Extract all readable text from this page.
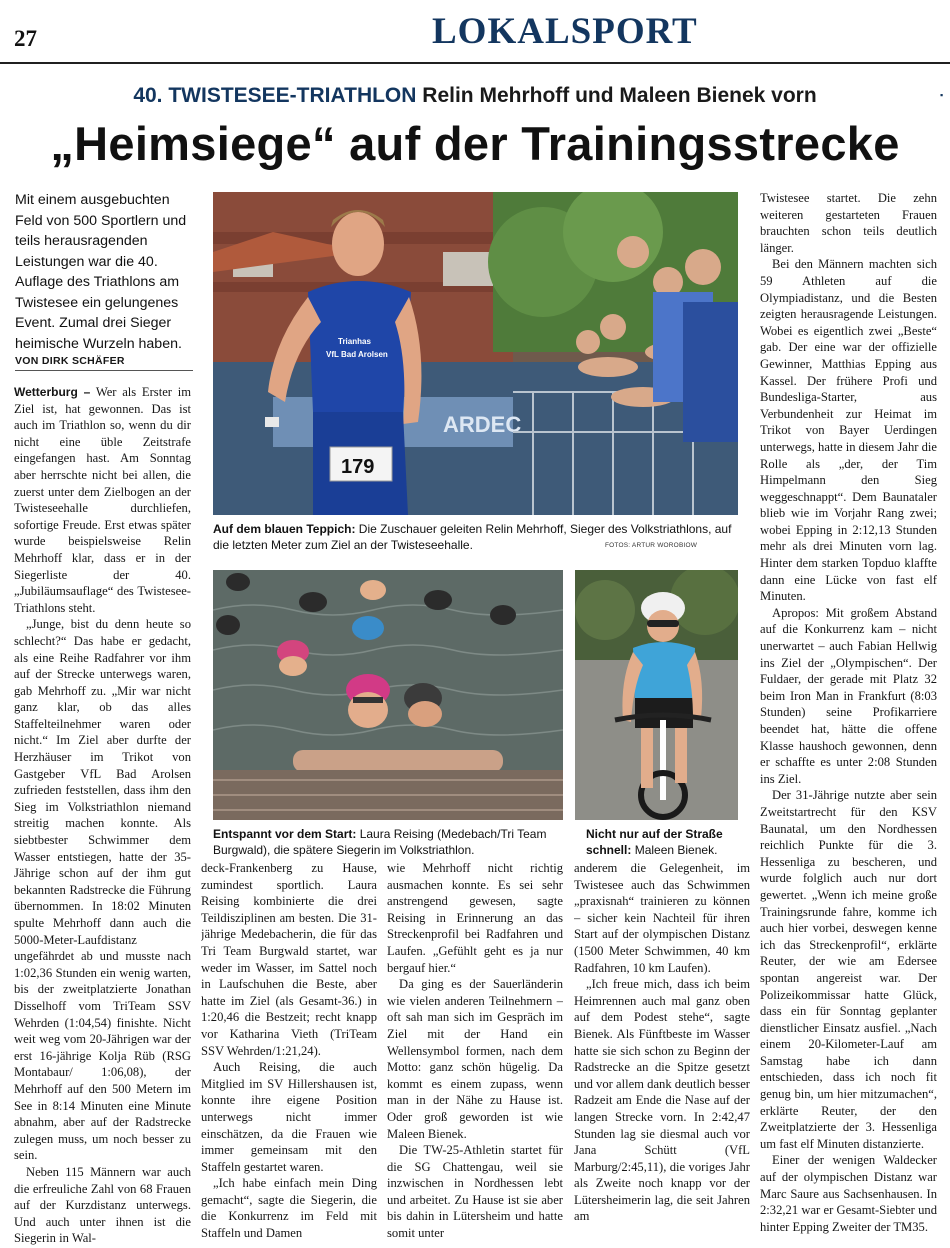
27	LOKALSPORT
▪
40. TWISTESEE-TRIATHLON Relin Mehrhoff und Maleen Bienek vorn
„Heimsiege“ auf der Trainingsstrecke
Mit einem ausgebuchten Feld von 500 Sportlern und teils herausragenden Leistungen war die 40. Auflage des Triathlons am Twistesee ein gelungenes Event. Zumal drei Sieger heimische Wurzeln haben.
VON DIRK SCHÄFER

Wetterburg – Wer als Erster im Ziel ist, hat gewonnen. Das ist auch im Triathlon so, wenn du dir nicht eine üble Zeitstrafe eingefangen hast. Am Sonntag aber herrschte nicht bei allen, die zuerst unter dem Zielbogen an der Twisteseehalle durchliefen, sofortige Freude. Erst etwas später wurde beispielsweise Relin Mehrhoff klar, dass er in der Siegerliste der 40. „Jubiläumsauflage“ des Twistesee-Triathlons steht.

„Junge, bist du denn heute so schlecht?“ Das habe er gedacht, als eine Reihe Radfahrer vor ihm auf der Strecke unterwegs waren, gab Mehrhoff zu. „Mir war nicht ganz klar, ob das alles Staffelteilnehmer waren oder nicht.“ Im Ziel aber durfte der Herzhäuser im Trikot von Gastgeber VfL Bad Arolsen zufrieden feststellen, dass ihm den Sieg im Volkstriathlon niemand streitig machen konnte. Als siebtbester Schwimmer dem Wasser entstiegen, hatte der 35-Jährige schon auf der ihm gut bekannten Radstrecke die Führung übernommen. In 18:02 Minuten spulte Mehrhoff dann auch die 5000-Meter-Laufdistanz ungefährdet ab und musste nach 1:02,36 Stunden ein wenig warten, bis der zweitplatzierte Jonathan Disselhoff vom TriTeam SSV Wehrden (1:04,54) finishte. Nicht weit weg vom 20-Jährigen war der erst 16-jährige Kolja Rüb (RSG Montabaur/ 1:06,08), der Mehrhoff auf den 500 Metern im See in 8:14 Minuten eine Minute abnahm, aber auf der Radstrecke zulegen muss, um noch besser zu sein.

Neben 115 Männern war auch die erfreuliche Zahl von 68 Frauen auf der Kurzdistanz unterwegs. Und auch unter ihnen ist die Siegerin in Wal-

deck-Frankenberg zu Hause, zumindest sportlich. Laura Reising kombinierte die drei Teildisziplinen am besten. Die 31-jährige Medebacherin, die für das Tri Team Burgwald startet, war weder im Wasser, im Sattel noch in Laufschuhen die Beste, aber hatte im Ziel (als Gesamt-36.) in 1:20,46 die Bestzeit; recht knapp vor Katharina Vieth (TriTeam SSV Wehrden/1:21,24).

Auch Reising, die auch Mitglied im SV Hillershausen ist, konnte ihre eigene Position unterwegs nicht immer einschätzen, da die Frauen wie immer gemeinsam mit den Staffeln gestartet waren.

„Ich habe einfach mein Ding gemacht“, sagte die Siegerin, die die Konkurrenz im Feld mit Staffeln und Damen

wie Mehrhoff nicht richtig ausmachen konnte. Es sei sehr anstrengend gewesen, sagte Reising in Erinnerung an das Streckenprofil bei Radfahren und Laufen. „Gefühlt geht es ja nur bergauf hier.“

Da ging es der Sauerländerin wie vielen anderen Teilnehmern – oft sah man sich im Gespräch im Ziel mit der Hand ein Wellensymbol formen, nach dem Motto: ganz schön hügelig. Da kommt es einem zupass, wenn man in der Nähe zu Hause ist. Oder groß geworden ist wie Maleen Bienek.

Die TW-25-Athletin startet für die SG Chattengau, weil sie inzwischen in Nordhessen lebt und arbeitet. Zu Hause ist sie aber bis dahin in Lütersheim und hatte somit unter

anderem die Gelegenheit, im Twistesee auch das Schwimmen „praxisnah“ trainieren zu können – sicher kein Nachteil für ihren Start auf der olympischen Distanz (1500 Meter Schwimmen, 40 km Radfahren, 10 km Laufen).

„Ich freue mich, dass ich beim Heimrennen auch mal ganz oben auf dem Podest stehe“, sagte Bienek. Als Fünftbeste im Wasser hatte sie sich schon zu Beginn der Radstrecke an die Spitze gesetzt und vor allem dank deutlich besser Radzeit am Ende die Nase auf der langen Strecke vorn. In 2:42,47 Stunden lag sie diesmal auch vor Jana Schütt (VfL Marburg/2:45,11), die voriges Jahr als Zweite noch knapp vor der Lütersheimerin lag, die seit Jahren am

Twistesee startet. Die zehn weiteren gestarteten Frauen brauchten schon teils deutlich länger.

Bei den Männern machten sich 59 Athleten auf die Olympiadistanz, und die Besten zeigten herausragende Leistungen. Wobei es eigentlich zwei „Beste“ gab. Der eine war der offizielle Gewinner, Matthias Epping aus Kassel. Der frühere Profi und Bundesliga-Starter, aus Verbundenheit zur Heimat im Trikot von Bayer Uerdingen unterwegs, hatte in diesem Jahr die Rolle als „der, der Tim Himpelmann den Sieg weggeschnappt“. Dem Baunataler blieb wie im Vorjahr Rang zwei; wobei Epping in 2:12,13 Stunden mehr als drei Minuten vorn lag. Hinter dem starken Topduo klaffte dann eine Lücke von fast elf Minuten.

Apropos: Mit großem Abstand auf die Konkurrenz kam – nicht unerwartet – auch Fabian Hellwig ins Ziel der „Olympischen“. Der Fuldaer, der gerade mit Platz 32 beim Iron Man in Frankfurt (8:03 Stunden) seine Profikarriere beendet hat, hätte die offene Klasse haushoch gewonnen, denn er schaffte es unter 2:08 Stunden ins Ziel.

Der 31-Jährige nutzte aber sein Zweitstartrecht für den KSV Baunatal, um den Nordhessen reichlich Punkte für die 3. Hessenliga zu bescheren, und wurde folglich auch nur dort gewertet. „Wenn ich meine große Trainingsrunde fahre, komme ich auch hier vorbei, deswegen kenne ich das Streckenprofil“, erklärte Reuter, der wie am Edersee spontan angereist war. Der Polizeikommissar hatte Glück, dass ein für Sonntag geplanter dienstlicher Einsatz ausfiel. „Nach einem 20-Kilometer-Lauf am Samstag habe ich dann entschieden, dass ich noch fit genug bin, um hier mitzumachen“, erklärte Reuter, der den Zweitplatzierte der 3. Hessenliga um fast elf Minuten distanzierte.

Einer der wenigen Waldecker auf der olympischen Distanz war Marc Saure aus Sachsenhausen. In 2:32,21 war er Gesamt-Siebter und hinter Epping Zweiter der TM35.

ARDEC
Trianhas
VfL Bad Arolsen
179
Auf dem blauen Teppich: Die Zuschauer geleiten Relin Mehrhoff, Sieger des Volkstriathlons, auf die letzten Meter zum Ziel an der Twisteseehalle.	FOTOS: ARTUR WOROBIOW
Entspannt vor dem Start: Laura Reising (Medebach/Tri Team Burgwald), die spätere Siegerin im Volkstriathlon.
Nicht nur auf der Straße schnell: Maleen Bienek.
